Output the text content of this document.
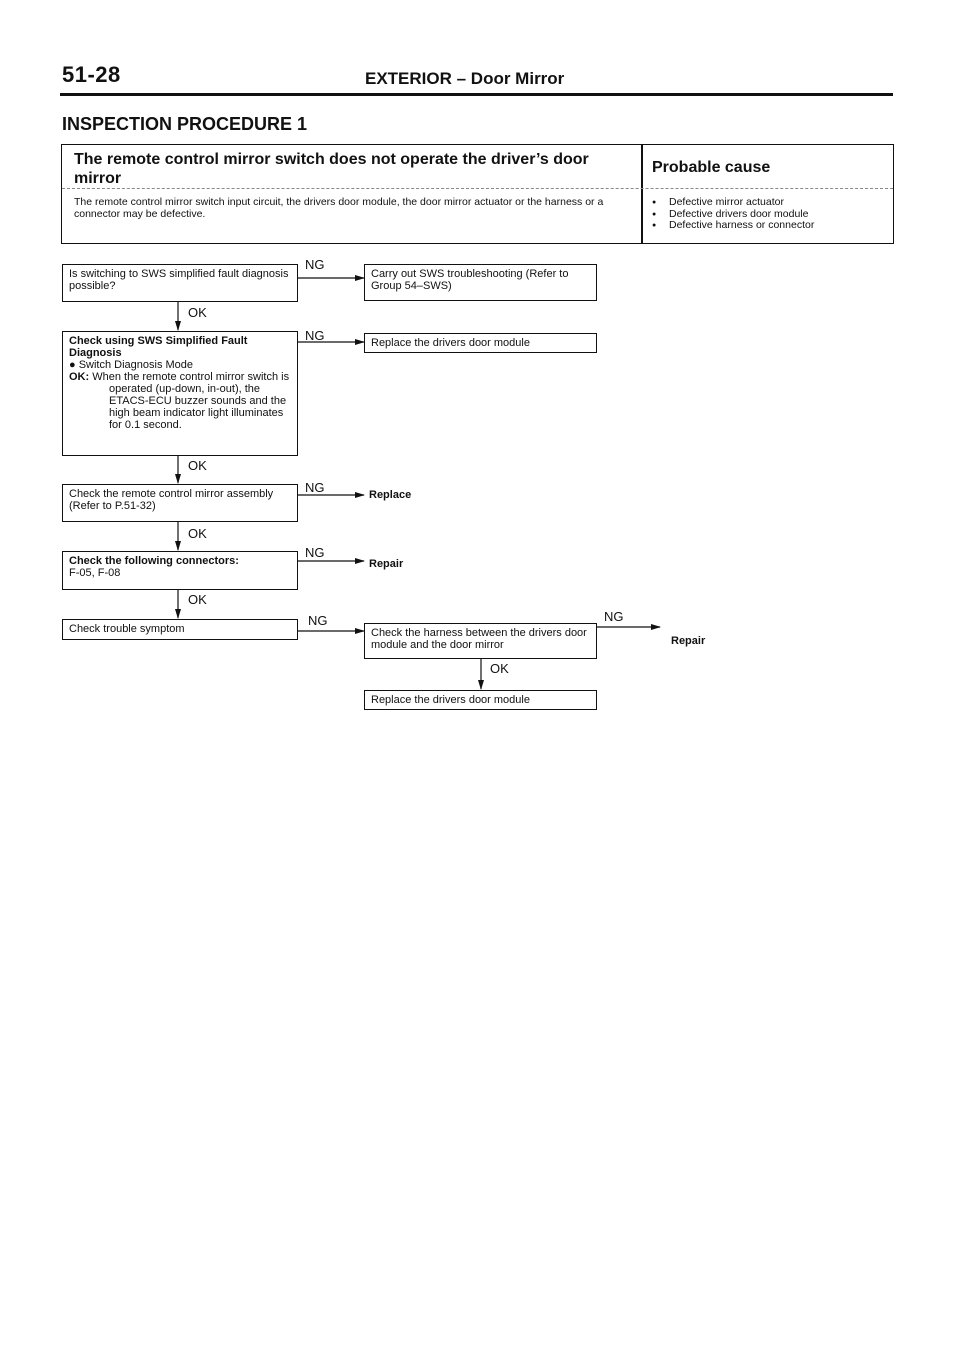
51-28	EXTERIOR – Door Mirror
INSPECTION PROCEDURE 1
The remote control mirror switch does not operate the driver’s door mirror
The remote control mirror switch input circuit, the drivers door module, the door mirror actuator or the harness or a connector may be defective.
Probable cause
● Defective mirror actuator
● Defective drivers door module
● Defective harness or connector
Is switching to SWS simplified fault diagnosis possible?
NG
Carry out SWS troubleshooting (Refer to Group 54–SWS)
OK
Check using SWS Simplified Fault Diagnosis
● Switch Diagnosis Mode
OK: When the remote control mirror switch is operated (up-down, in-out), the ETACS-ECU buzzer sounds and the high beam indicator light illuminates for 0.1 second.
NG	Replace the drivers door module
OK
Check the remote control mirror assembly (Refer to P.51-32)
NG	Replace
OK
Check the following connectors:
F-05, F-08
NG
Repair
OK
Check trouble symptom
NG
Check the harness between the drivers door module and the door mirror
NG
Repair
OK
Replace the drivers door module
